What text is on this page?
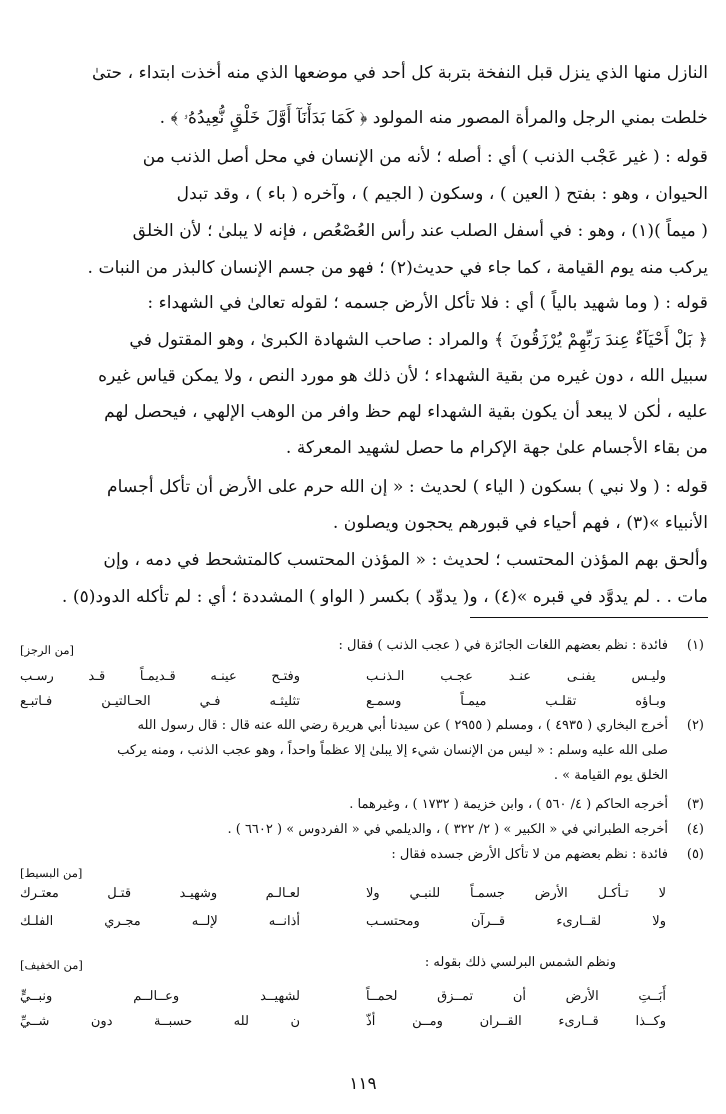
النازل منها الذي ينزل قبل النفخة بتربة كل أحد في موضعها الذي منه أخذت ابتداء ، حتىٰ
خلطت بمني الرجل والمرأة المصور منه المولود ﴿ كَمَا بَدَأْنَآ أَوَّلَ خَلْقٍ نُّعِيدُهُۥ ﴾ .
قوله : ( غير عَجْب الذنب ) أي : أصله ؛ لأنه من الإنسان في محل أصل الذنب من
الحيوان ، وهو : بفتح ( العين ) ، وسكون ( الجيم ) ، وآخره ( باء ) ، وقد تبدل
( ميماً )(١) ، وهو : في أسفل الصلب عند رأس العُصْعُص ، فإنه لا يبلىٰ ؛ لأن الخلق
يركب منه يوم القيامة ، كما جاء في حديث(٢) ؛ فهو من جسم الإنسان كالبذر من النبات .
قوله : ( وما شهيد بالياً ) أي : فلا تأكل الأرض جسمه ؛ لقوله تعالىٰ في الشهداء :
﴿ بَلْ أَحْيَآءٌ عِندَ رَبِّهِمْ يُرْزَقُونَ ﴾ والمراد : صاحب الشهادة الكبرىٰ ، وهو المقتول في
سبيل الله ، دون غيره من بقية الشهداء ؛ لأن ذلك هو مورد النص ، ولا يمكن قياس غيره
عليه ، لٰكن لا يبعد أن يكون بقية الشهداء لهم حظ وافر من الوهب الإلهي ، فيحصل لهم
من بقاء الأجسام علىٰ جهة الإكرام ما حصل لشهيد المعركة .
قوله : ( ولا نبي ) بسكون ( الياء ) لحديث : « إن الله حرم على الأرض أن تأكل أجسام
الأنبياء »(٣) ، فهم أحياء في قبورهم يحجون ويصلون .
وألحق بهم المؤذن المحتسب ؛ لحديث : « المؤذن المحتسب كالمتشحط في دمه ، وإن
مات . . لم يدوَّد في قبره »(٤) ، و( يدوِّد ) بكسر ( الواو ) المشددة ؛ أي : لم تأكله الدود(٥) .
(١)
فائدة : نظم بعضهم اللغات الجائزة في ( عجب الذنب ) فقال :
[من الرجز]
وليـس يفنـى عنـد عجـب الـذنـب
وفتـح عينـه قـديمـاً قـد رسـب
وبـاؤه تقلـب ميمـاً وسمـع
تثليثـه فـي الحـالتيـن فـاتبـع
(٢)
أخرج البخاري ( ٤٩٣٥ ) ، ومسلم ( ٢٩٥٥ ) عن سيدنا أبي هريرة رضي الله عنه قال : قال رسول الله
صلى الله عليه وسلم : « ليس من الإنسان شيء إلا يبلىٰ إلا عظماً واحداً ، وهو عجب الذنب ، ومنه يركب
الخلق يوم القيامة » .
(٣)
أخرجه الحاكم ( ٤/ ٥٦٠ ) ، وابن خزيمة ( ١٧٣٢ ) ، وغيرهما .
(٤)
أخرجه الطبراني في « الكبير » ( ٢/ ٣٢٢ ) ، والديلمي في « الفردوس » ( ٦٦٠٢ ) .
(٥)
فائدة : نظم بعضهم من لا تأكل الأرض جسده فقال :
[من البسيط]
لا تـأكـل الأرض جسمـاً للنبـي ولا
لعـالـم وشهيـد قتـل معتـرك
ولا لقــارىء قــرآن ومحتسـب
أذانــه لإلــه مجـري الفلـك
ونظم الشمس البرلسي ذلك بقوله :
[من الخفيف]
أَبَــتِ الأرض أن تمــزق لحمــاً
لشهيــد وعــالــم ونبــيٍّ
وكــذا قــارىء القــران ومــن أذّ
ن لله حسبــة دون شــيِّ
١١٩
